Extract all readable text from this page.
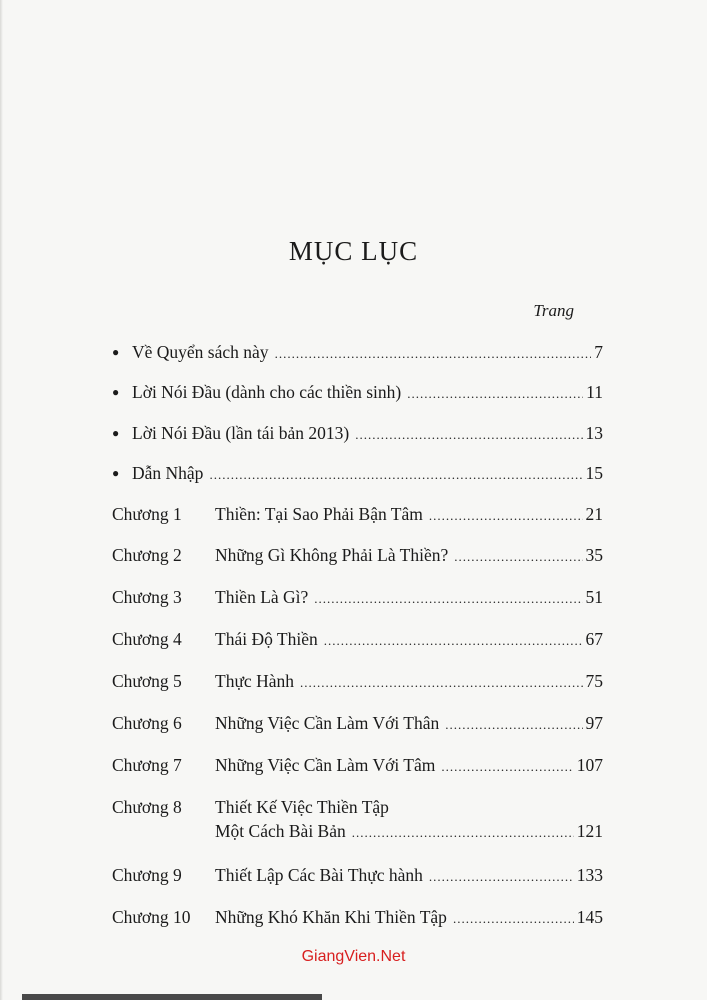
MỤC LỤC
Trang
● Về Quyển sách này .....	7
● Lời Nói Đầu (dành cho các thiền sinh) .....	11
● Lời Nói Đầu (lần tái bản 2013) .....	13
● Dẫn Nhập .....	15
Chương 1	Thiền: Tại Sao Phải Bận Tâm .....	21
Chương 2	Những Gì Không Phải Là Thiền? .....	35
Chương 3	Thiền Là Gì? .....	51
Chương 4	Thái Độ Thiền .....	67
Chương 5	Thực Hành .....	75
Chương 6	Những Việc Cần Làm Với Thân .....	97
Chương 7	Những Việc Cần Làm Với Tâm .....	107
Chương 8	Thiết Kế Việc Thiền Tập
Một Cách Bài Bản .....	121
Chương 9	Thiết Lập Các Bài Thực hành .....	133
Chương 10	Những Khó Khăn Khi Thiền Tập .....	145
GiangVien.Net
